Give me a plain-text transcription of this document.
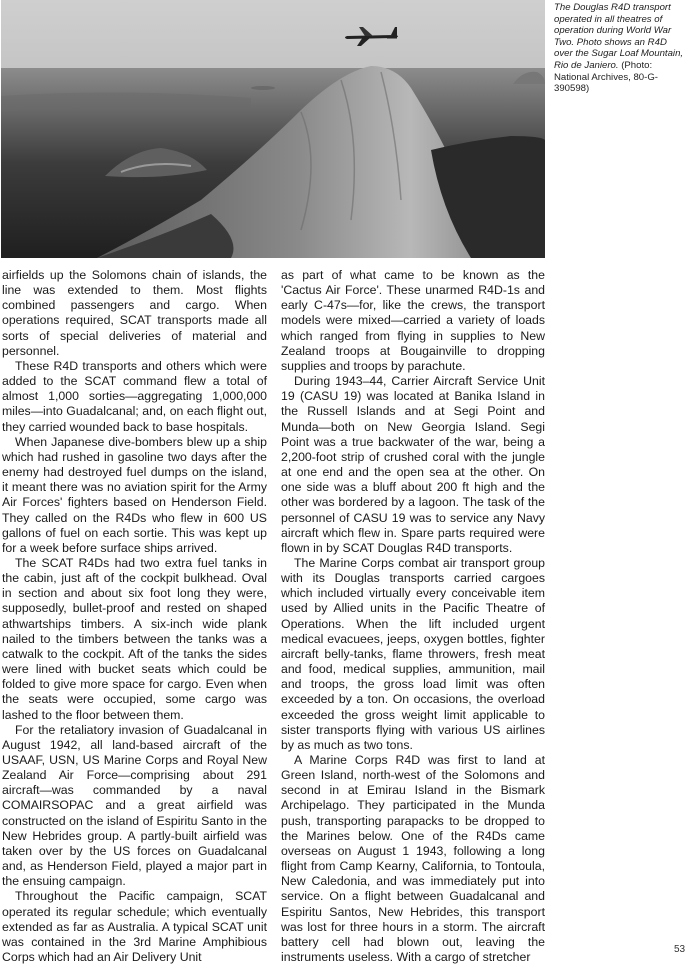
The Douglas R4D transport operated in all theatres of operation during World War Two. Photo shows an R4D over the Sugar Loaf Mountain, Rio de Janiero. (Photo: National Archives, 80-G-390598)

airfields up the Solomons chain of islands, the line was extended to them. Most flights combined passengers and cargo. When operations required, SCAT transports made all sorts of special deliveries of material and personnel.

These R4D transports and others which were added to the SCAT command flew a total of almost 1,000 sorties—aggregating 1,000,000 miles—into Guadalcanal; and, on each flight out, they carried wounded back to base hospitals.

When Japanese dive-bombers blew up a ship which had rushed in gasoline two days after the enemy had destroyed fuel dumps on the island, it meant there was no aviation spirit for the Army Air Forces' fighters based on Henderson Field. They called on the R4Ds who flew in 600 US gallons of fuel on each sortie. This was kept up for a week before surface ships arrived.

The SCAT R4Ds had two extra fuel tanks in the cabin, just aft of the cockpit bulkhead. Oval in section and about six foot long they were, supposedly, bullet-proof and rested on shaped athwartships timbers. A six-inch wide plank nailed to the timbers between the tanks was a catwalk to the cockpit. Aft of the tanks the sides were lined with bucket seats which could be folded to give more space for cargo. Even when the seats were occupied, some cargo was lashed to the floor between them.

For the retaliatory invasion of Guadalcanal in August 1942, all land-based aircraft of the USAAF, USN, US Marine Corps and Royal New Zealand Air Force—comprising about 291 aircraft—was commanded by a naval COMAIRSOPAC and a great airfield was constructed on the island of Espiritu Santo in the New Hebrides group. A partly-built airfield was taken over by the US forces on Guadalcanal and, as Henderson Field, played a major part in the ensuing campaign.

Throughout the Pacific campaign, SCAT operated its regular schedule; which eventually extended as far as Australia. A typical SCAT unit was contained in the 3rd Marine Amphibious Corps which had an Air Delivery Unit

as part of what came to be known as the 'Cactus Air Force'. These unarmed R4D-1s and early C-47s—for, like the crews, the transport models were mixed—carried a variety of loads which ranged from flying in supplies to New Zealand troops at Bougainville to dropping supplies and troops by parachute.

During 1943–44, Carrier Aircraft Service Unit 19 (CASU 19) was located at Banika Island in the Russell Islands and at Segi Point and Munda—both on New Georgia Island. Segi Point was a true backwater of the war, being a 2,200-foot strip of crushed coral with the jungle at one end and the open sea at the other. On one side was a bluff about 200 ft high and the other was bordered by a lagoon. The task of the personnel of CASU 19 was to service any Navy aircraft which flew in. Spare parts required were flown in by SCAT Douglas R4D transports.

The Marine Corps combat air transport group with its Douglas transports carried cargoes which included virtually every conceivable item used by Allied units in the Pacific Theatre of Operations. When the lift included urgent medical evacuees, jeeps, oxygen bottles, fighter aircraft belly-tanks, flame throwers, fresh meat and food, medical supplies, ammunition, mail and troops, the gross load limit was often exceeded by a ton. On occasions, the overload exceeded the gross weight limit applicable to sister transports flying with various US airlines by as much as two tons.

A Marine Corps R4D was first to land at Green Island, north-west of the Solomons and second in at Emirau Island in the Bismark Archipelago. They participated in the Munda push, transporting parapacks to be dropped to the Marines below. One of the R4Ds came overseas on August 1 1943, following a long flight from Camp Kearny, California, to Tontoula, New Caledonia, and was immediately put into service. On a flight between Guadalcanal and Espiritu Santos, New Hebrides, this transport was lost for three hours in a storm. The aircraft battery cell had blown out, leaving the instruments useless. With a cargo of stretcher

53
